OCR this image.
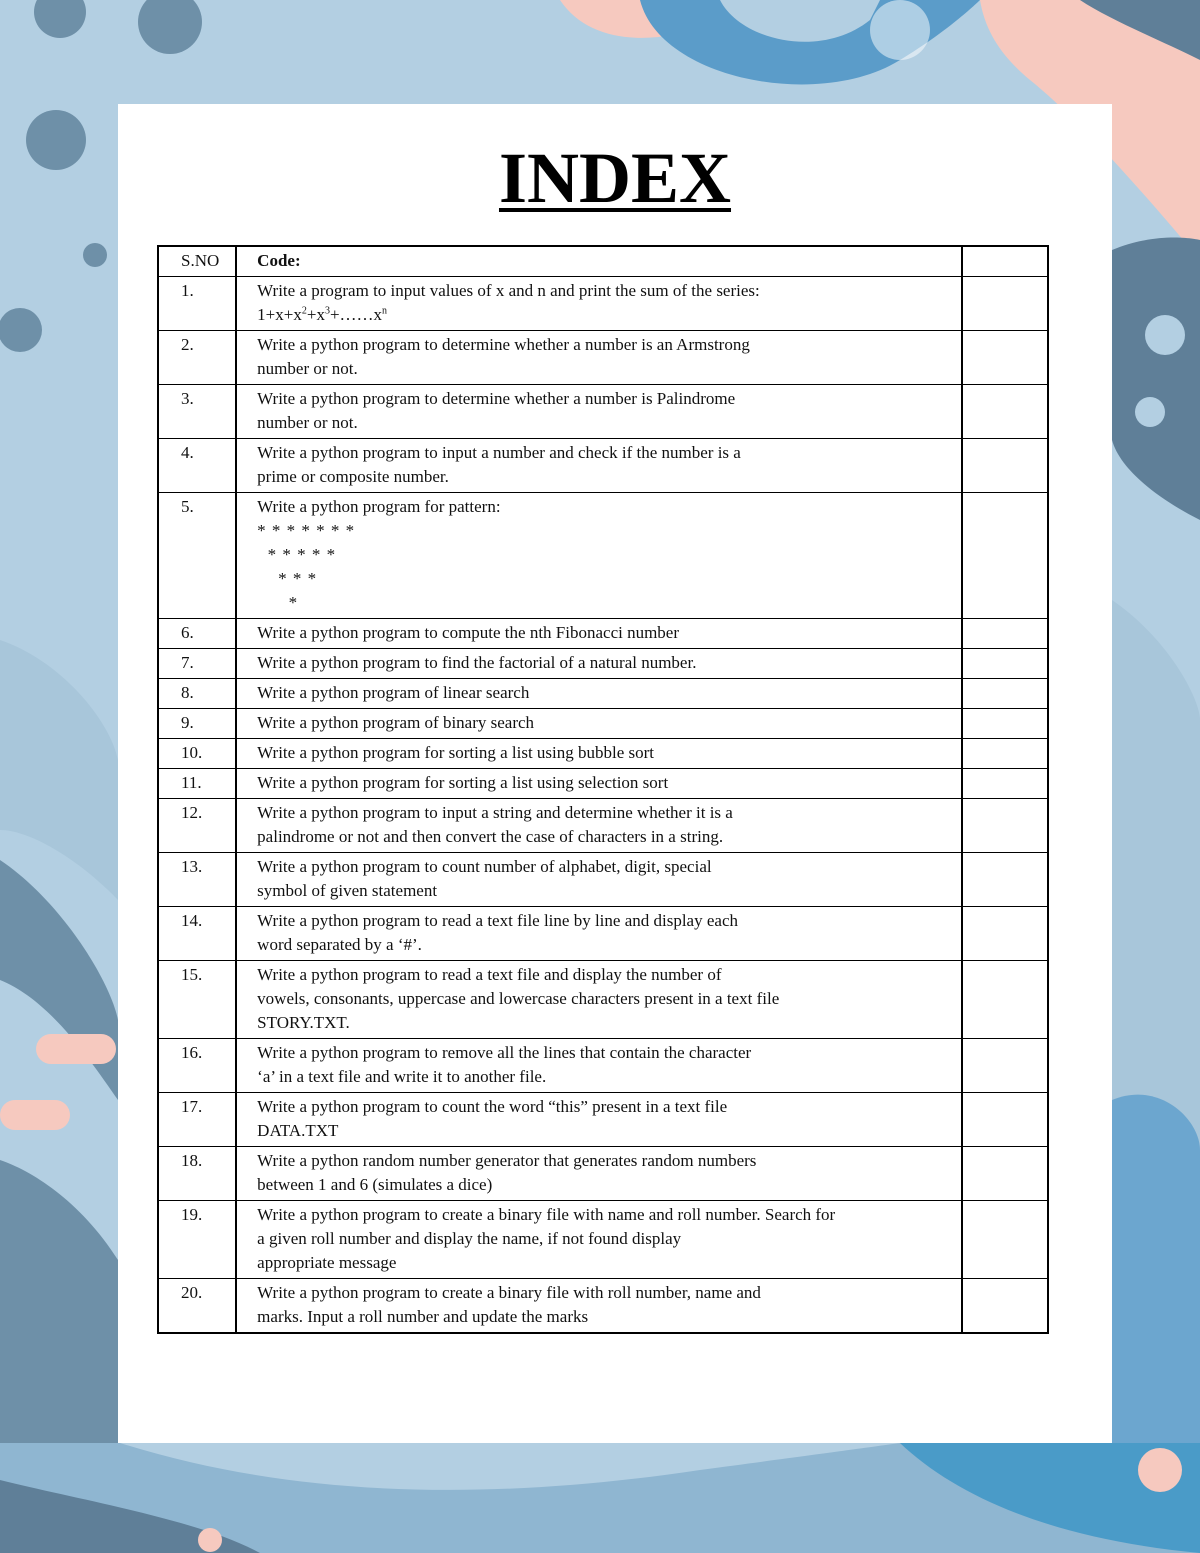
INDEX
S.NO	Code:	
1.	Write a program to input values of x and n and print the sum of the series:
$1+x+x^2+x^3+\dots\dots x^n$

2.	Write a python program to determine whether a number is an Armstrong
number or not.	

3.	Write a python program to determine whether a number is Palindrome
number or not.	

4.	Write a python program to input a number and check if the number is a
prime or composite number.	

5.	Write a python program for pattern:
* * * * * * *
* * * * *
* * *
*	

6.	Write a python program to compute the nth Fibonacci number	

7.	Write a python program to find the factorial of a natural number.	

8.	Write a python program of linear search	

9.	Write a python program of binary search	

10.	Write a python program for sorting a list using bubble sort	

11.	Write a python program for sorting a list using selection sort	

12.	Write a python program to input a string and determine whether it is a
palindrome or not and then convert the case of characters in a string.	

13.	Write a python program to count number of alphabet, digit, special
symbol of given statement	

14.	Write a python program to read a text file line by line and display each
word separated by a ‘#’.	

15.	Write a python program to read a text file and display the number of
vowels, consonants, uppercase and lowercase characters present in a text file
STORY.TXT.	

16.	Write a python program to remove all the lines that contain the character
‘a’ in a text file and write it to another file.	

17.	Write a python program to count the word “this” present in a text file
DATA.TXT	

18.	Write a python random number generator that generates random numbers
between 1 and 6 (simulates a dice)	

19.	Write a python program to create a binary file with name and roll number. Search for
a given roll number and display the name, if not found display
appropriate message	

20.	Write a python program to create a binary file with roll number, name and
marks. Input a roll number and update the marks	
